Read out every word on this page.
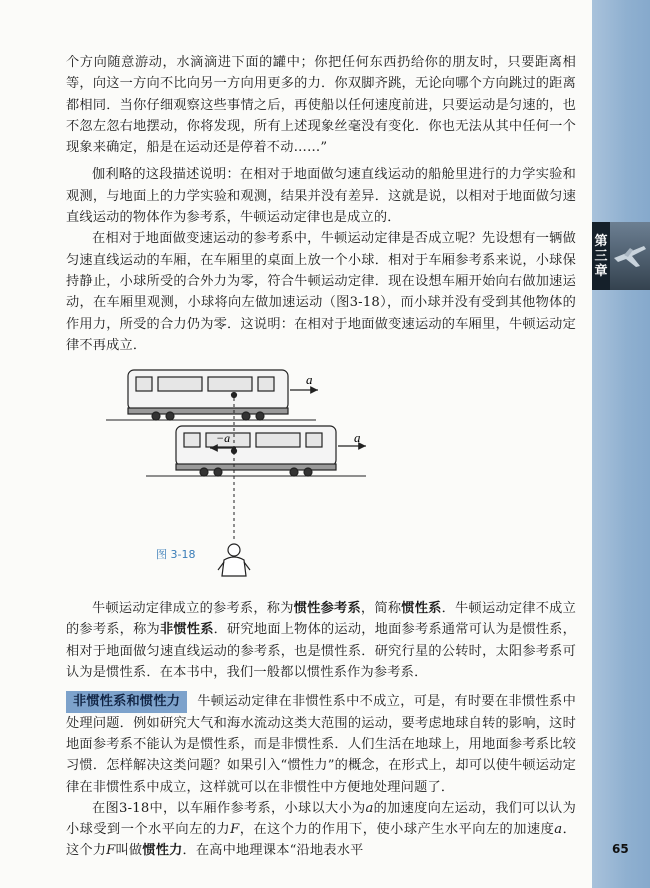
第
三
章

个方向随意游动，水滴滴进下面的罐中；你把任何东西扔给你的朋友时，只要距离相等，向这一方向不比向另一方向用更多的力．你双脚齐跳，无论向哪个方向跳过的距离都相同．当你仔细观察这些事情之后，再使船以任何速度前进，只要运动是匀速的，也不忽左忽右地摆动，你将发现，所有上述现象丝毫没有变化．你也无法从其中任何一个现象来确定，船是在运动还是停着不动……”

伽利略的这段描述说明：在相对于地面做匀速直线运动的船舱里进行的力学实验和观测，与地面上的力学实验和观测，结果并没有差异．这就是说，以相对于地面做匀速直线运动的物体作为参考系，牛顿运动定律也是成立的．

在相对于地面做变速运动的参考系中，牛顿运动定律是否成立呢？先设想有一辆做匀速直线运动的车厢，在车厢里的桌面上放一个小球．相对于车厢参考系来说，小球保持静止，小球所受的合外力为零，符合牛顿运动定律．现在设想车厢开始向右做加速运动，在车厢里观测，小球将向左做加速运动（图3-18），而小球并没有受到其他物体的作用力，所受的合力仍为零．这说明：在相对于地面做变速运动的车厢里，牛顿运动定律不再成立．

a
a
−a

牛顿运动定律成立的参考系，称为惯性参考系，简称惯性系．牛顿运动定律不成立的参考系，称为非惯性系．研究地面上物体的运动，地面参考系通常可认为是惯性系，相对于地面做匀速直线运动的参考系，也是惯性系．研究行星的公转时，太阳参考系可认为是惯性系．在本书中，我们一般都以惯性系作为参考系．

非惯性系和惯性力 牛顿运动定律在非惯性系中不成立，可是，有时要在非惯性系中处理问题．例如研究大气和海水流动这类大范围的运动，要考虑地球自转的影响，这时地面参考系不能认为是惯性系，而是非惯性系．人们生活在地球上，用地面参考系比较习惯．怎样解决这类问题？如果引入“惯性力”的概念，在形式上，却可以使牛顿运动定律在非惯性系中成立，这样就可以在非惯性中方便地处理问题了．

在图3-18中，以车厢作参考系，小球以大小为a的加速度向左运动，我们可以认为小球受到一个水平向左的力F，在这个力的作用下，使小球产生水平向左的加速度a．这个力F叫做惯性力．在高中地理课本“沿地表水平

图 3-18
65
